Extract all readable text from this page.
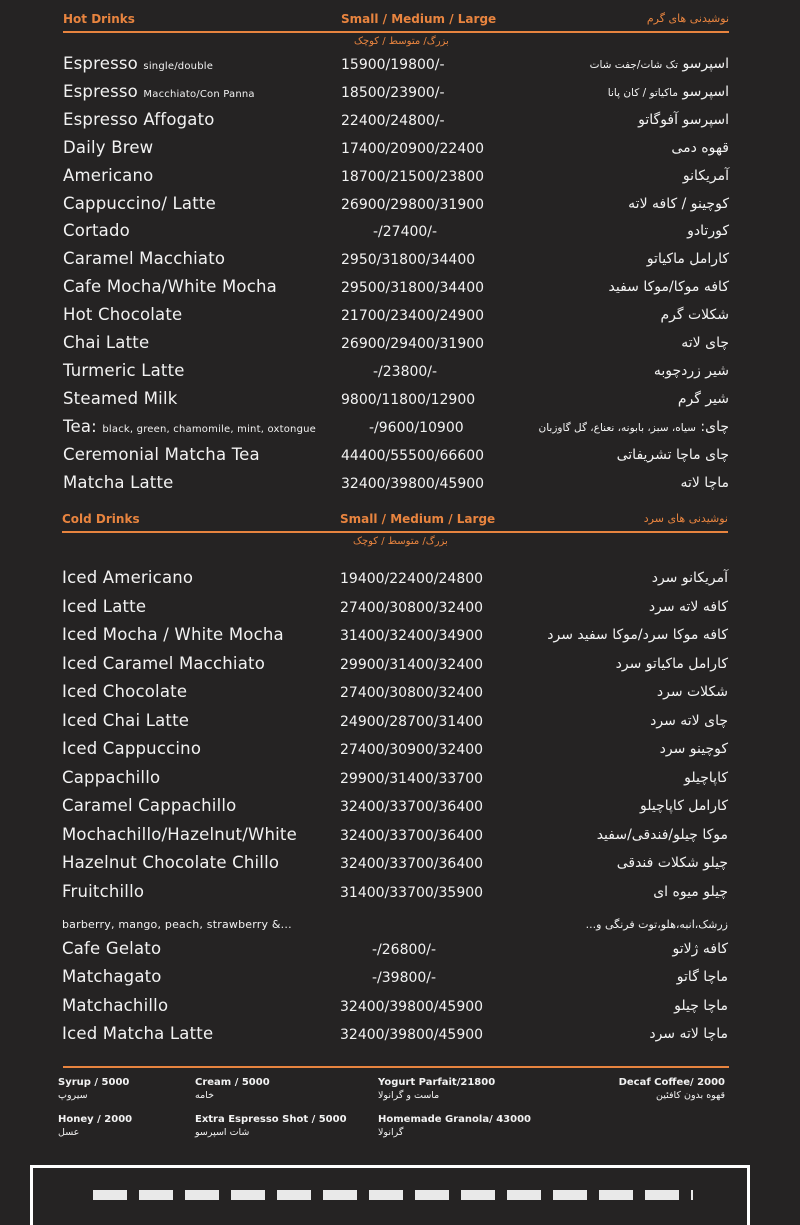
Hot Drinks	Small / Medium / Large	نوشیدنی های گرم
بزرگ/ متوسط / کوچک
Espresso single/double	15900/19800/-	اسپرسو تک شات/جفت شات
Espresso Macchiato/Con Panna	18500/23900/-	اسپرسو ماکیاتو / کان پانا
Espresso Affogato	22400/24800/-	اسپرسو آفوگاتو
Daily Brew	17400/20900/22400	قهوه دمی
Americano	18700/21500/23800	آمریکانو
Cappuccino/ Latte	26900/29800/31900	کوچینو / کافه لاته
Cortado	-/27400/-	کورتادو
Caramel Macchiato	2950/31800/34400	کارامل ماکیاتو
Cafe Mocha/White Mocha	29500/31800/34400	کافه موکا/موکا سفید
Hot Chocolate	21700/23400/24900	شکلات گرم
Chai Latte	26900/29400/31900	چای لاته
Turmeric Latte	-/23800/-	شیر زردچوبه
Steamed Milk	9800/11800/12900	شیر گرم
Tea: black, green, chamomile, mint, oxtongue	-/9600/10900	چای: سیاه، سبز، بابونه، نعناع، گل گاوزبان
Ceremonial Matcha Tea	44400/55500/66600	چای ماچا تشریفاتی
Matcha Latte	32400/39800/45900	ماچا لاته
Cold Drinks	Small / Medium / Large	نوشیدنی های سرد
بزرگ/ متوسط / کوچک
Iced Americano	19400/22400/24800	آمریکانو سرد
Iced Latte	27400/30800/32400	کافه لاته سرد
Iced Mocha / White Mocha	31400/32400/34900	کافه موکا سرد/موکا سفید سرد
Iced Caramel Macchiato	29900/31400/32400	کارامل ماکیاتو سرد
Iced Chocolate	27400/30800/32400	شکلات سرد
Iced Chai Latte	24900/28700/31400	چای لاته سرد
Iced Cappuccino	27400/30900/32400	کوچینو سرد
Cappachillo	29900/31400/33700	کاپاچیلو
Caramel Cappachillo	32400/33700/36400	کارامل کاپاچیلو
Mochachillo/Hazelnut/White	32400/33700/36400	موکا چیلو/فندقی/سفید
Hazelnut Chocolate Chillo	32400/33700/36400	چیلو شکلات فندقی
Fruitchillo	31400/33700/35900	چیلو میوه ای
barberry, mango, peach, strawberry &...	زرشک،انبه،هلو،توت فرنگی و...
Cafe Gelato	-/26800/-	کافه ژلاتو
Matchagato	-/39800/-	ماچا گاتو
Matchachillo	32400/39800/45900	ماچا چیلو
Iced Matcha Latte	32400/39800/45900	ماچا لاته سرد
Syrup / 5000
سیروپ
Cream / 5000
خامه
Yogurt Parfait/21800
ماست و گرانولا
Decaf Coffee/ 2000
قهوه بدون کافئین
Honey / 2000
عسل
Extra Espresso Shot / 5000
شات اسپرسو
Homemade Granola/ 43000
گرانولا
